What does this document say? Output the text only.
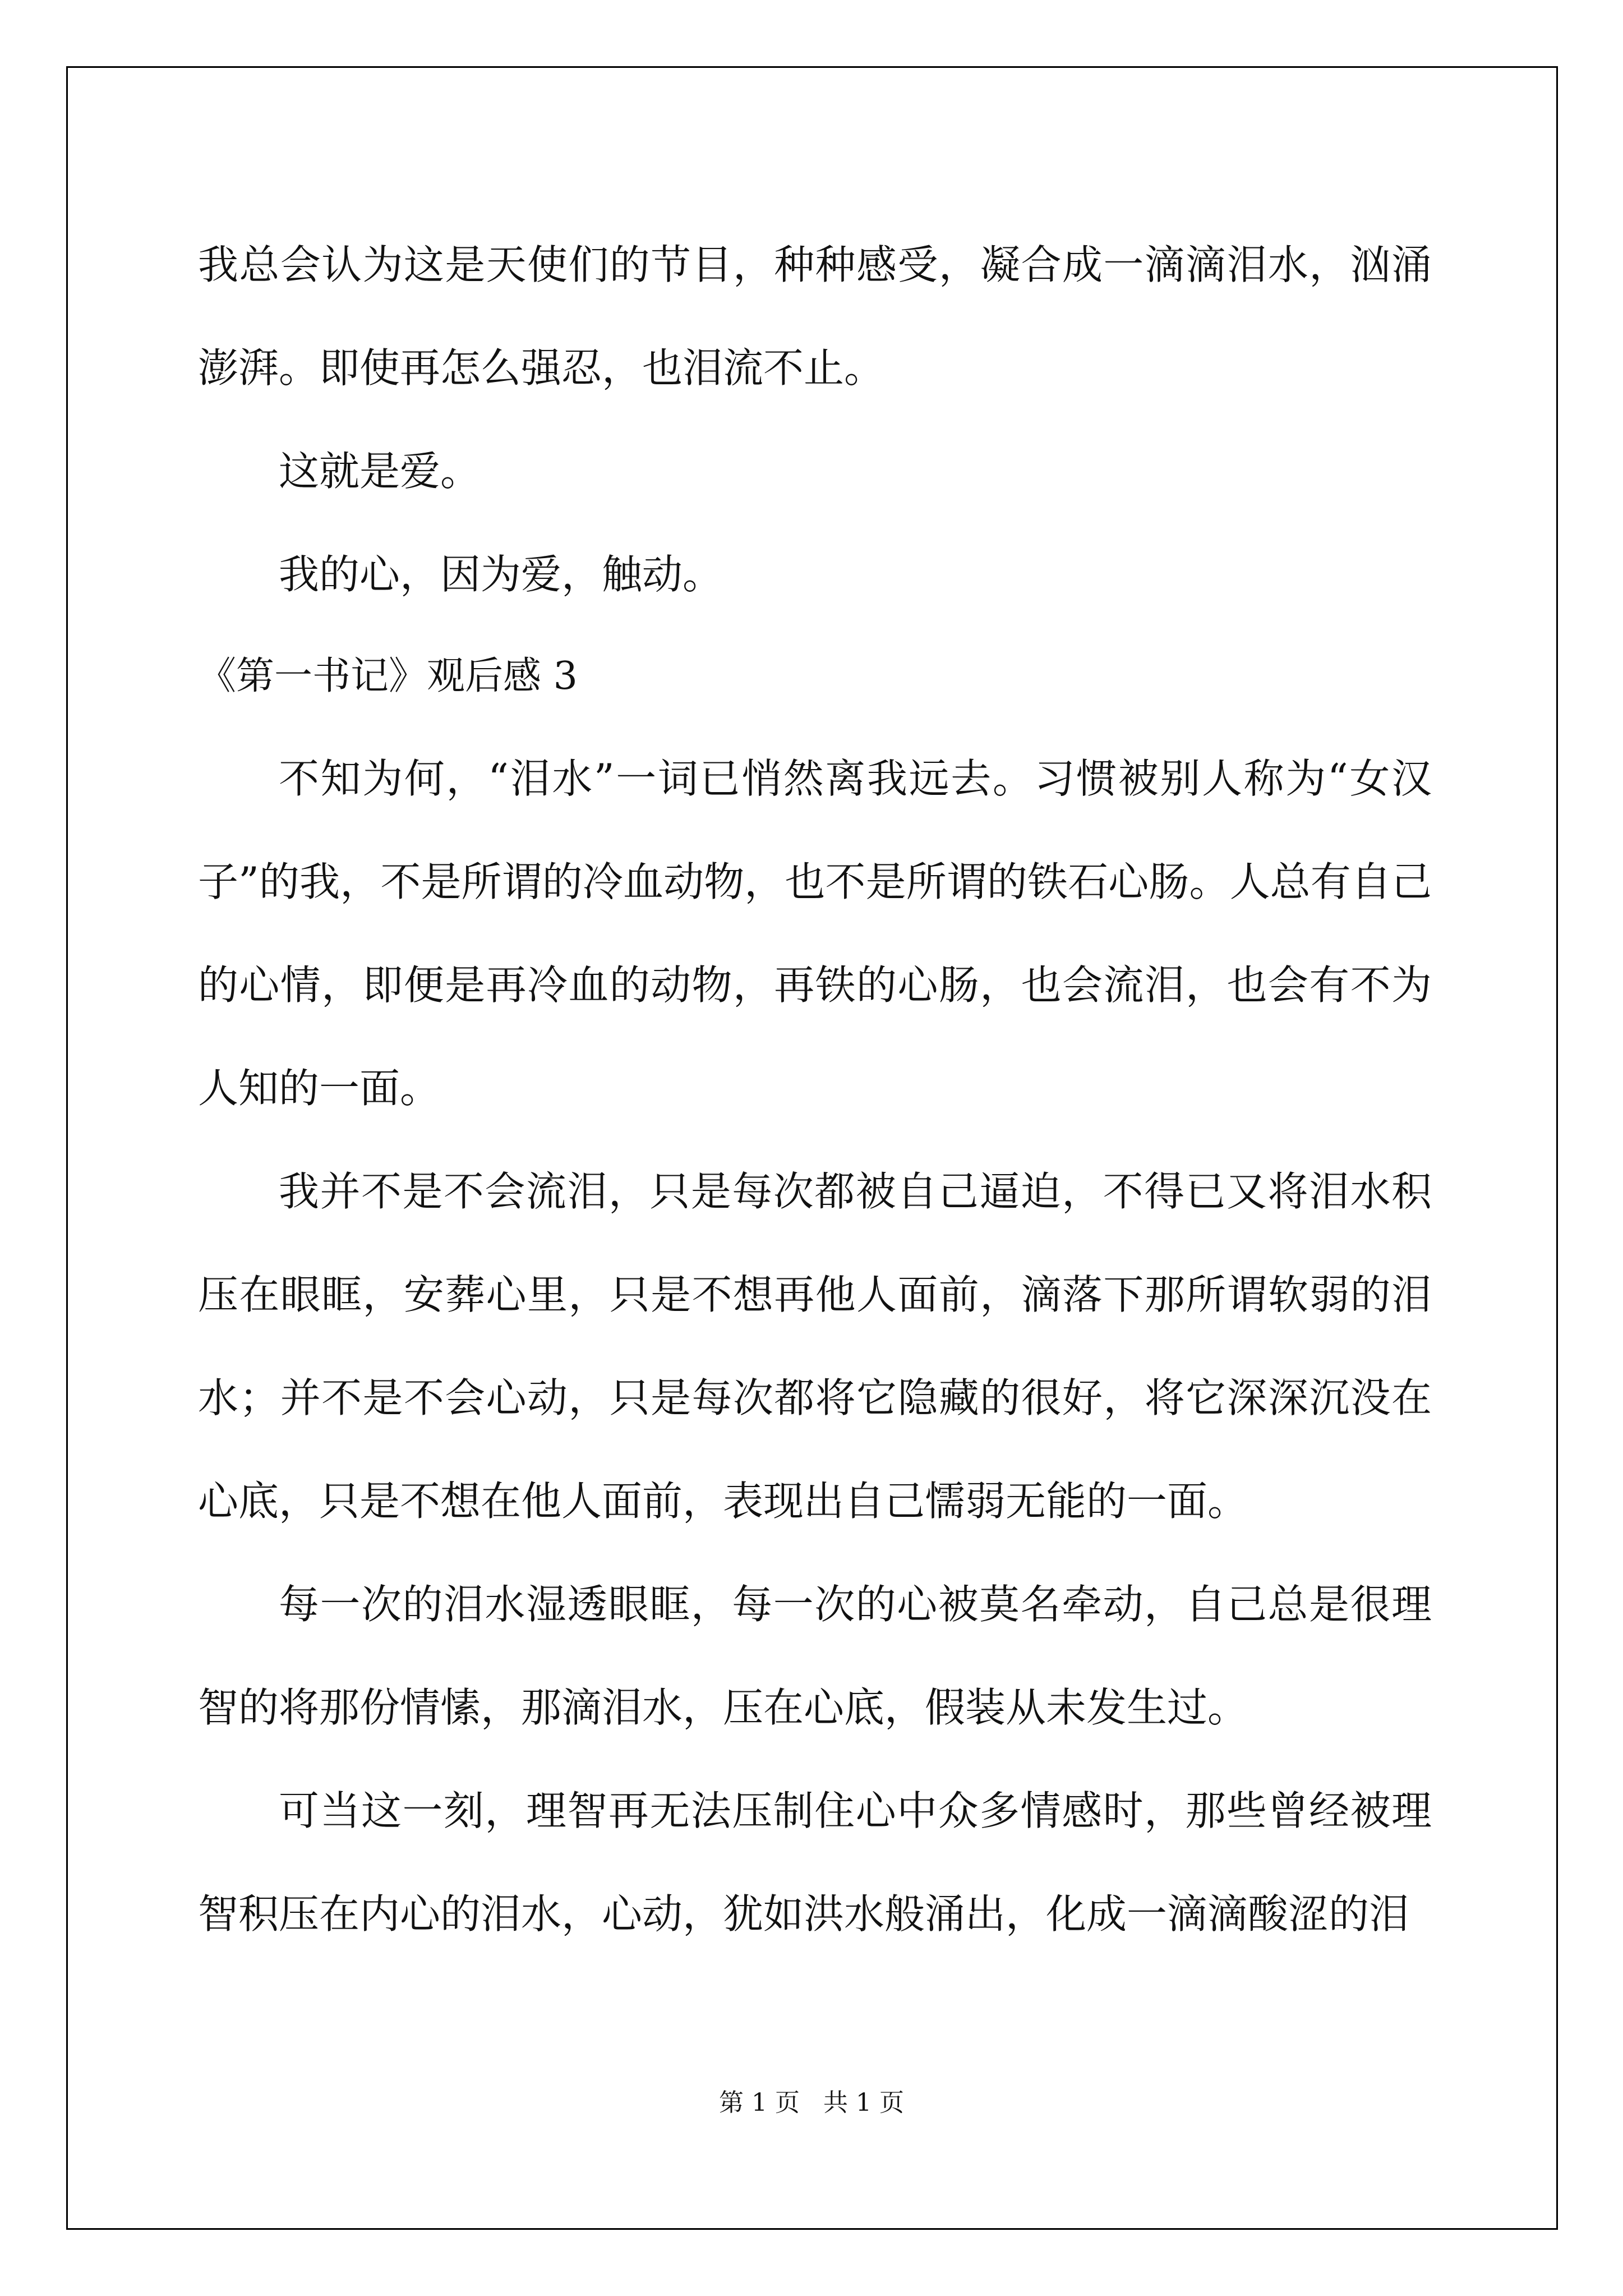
我总会认为这是天使们的节目，种种感受，凝合成一滴滴泪水，汹涌澎湃。即使再怎么强忍，也泪流不止。

这就是爱。

我的心，因为爱，触动。

《第一书记》观后感 3

不知为何，“泪水”一词已悄然离我远去。习惯被别人称为“女汉子”的我，不是所谓的冷血动物，也不是所谓的铁石心肠。人总有自己的心情，即便是再冷血的动物，再铁的心肠，也会流泪，也会有不为人知的一面。

我并不是不会流泪，只是每次都被自己逼迫，不得已又将泪水积压在眼眶，安葬心里，只是不想再他人面前，滴落下那所谓软弱的泪水；并不是不会心动，只是每次都将它隐藏的很好，将它深深沉没在心底，只是不想在他人面前，表现出自己懦弱无能的一面。

每一次的泪水湿透眼眶，每一次的心被莫名牵动，自己总是很理智的将那份情愫，那滴泪水，压在心底，假装从未发生过。

可当这一刻，理智再无法压制住心中众多情感时，那些曾经被理智积压在内心的泪水，心动，犹如洪水般涌出，化成一滴滴酸涩的泪

第 1 页   共 1 页
